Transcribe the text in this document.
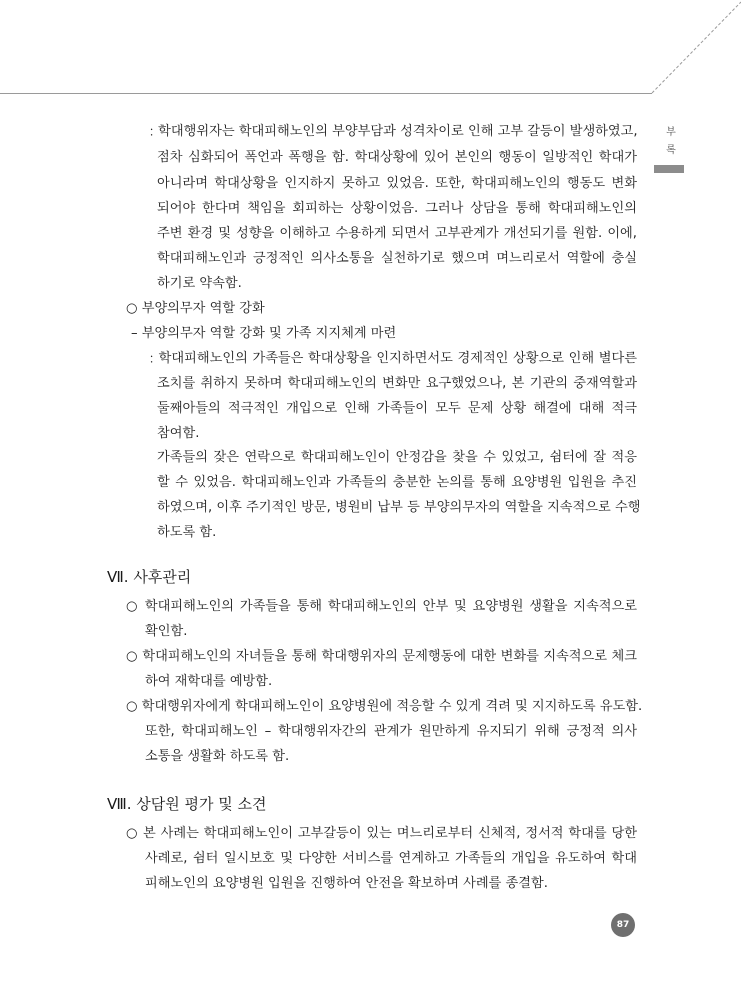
부
록
﹕학대행위자는 학대피해노인의 부양부담과 성격차이로 인해 고부 갈등이 발생하였고,
점차 심화되어 폭언과 폭행을 함. 학대상황에 있어 본인의 행동이 일방적인 학대가
아니라며 학대상황을 인지하지 못하고 있었음. 또한, 학대피해노인의 행동도 변화
되어야 한다며 책임을 회피하는 상황이었음. 그러나 상담을 통해 학대피해노인의
주변 환경 및 성향을 이해하고 수용하게 되면서 고부관계가 개선되기를 원함. 이에,
학대피해노인과 긍정적인 의사소통을 실천하기로 했으며 며느리로서 역할에 충실
하기로 약속함.
○ 부양의무자 역할 강화
– 부양의무자 역할 강화 및 가족 지지체계 마련
﹕학대피해노인의 가족들은 학대상황을 인지하면서도 경제적인 상황으로 인해 별다른
조치를 취하지 못하며 학대피해노인의 변화만 요구했었으나, 본 기관의 중재역할과
둘째아들의 적극적인 개입으로 인해 가족들이 모두 문제 상황 해결에 대해 적극
참여함.
가족들의 잦은 연락으로 학대피해노인이 안정감을 찾을 수 있었고, 쉼터에 잘 적응
할 수 있었음. 학대피해노인과 가족들의 충분한 논의를 통해 요양병원 입원을 추진
하였으며, 이후 주기적인 방문, 병원비 납부 등 부양의무자의 역할을 지속적으로 수행
하도록 함.
Ⅶ. 사후관리
○ 학대피해노인의 가족들을 통해 학대피해노인의 안부 및 요양병원 생활을 지속적으로
확인함.
○ 학대피해노인의 자녀들을 통해 학대행위자의 문제행동에 대한 변화를 지속적으로 체크
하여 재학대를 예방함.
○ 학대행위자에게 학대피해노인이 요양병원에 적응할 수 있게 격려 및 지지하도록 유도함.
또한, 학대피해노인 – 학대행위자간의 관계가 원만하게 유지되기 위해 긍정적 의사
소통을 생활화 하도록 함.
Ⅷ. 상담원 평가 및 소견
○ 본 사례는 학대피해노인이 고부갈등이 있는 며느리로부터 신체적, 정서적 학대를 당한
사례로, 쉼터 일시보호 및 다양한 서비스를 연계하고 가족들의 개입을 유도하여 학대
피해노인의 요양병원 입원을 진행하여 안전을 확보하며 사례를 종결함.
87
